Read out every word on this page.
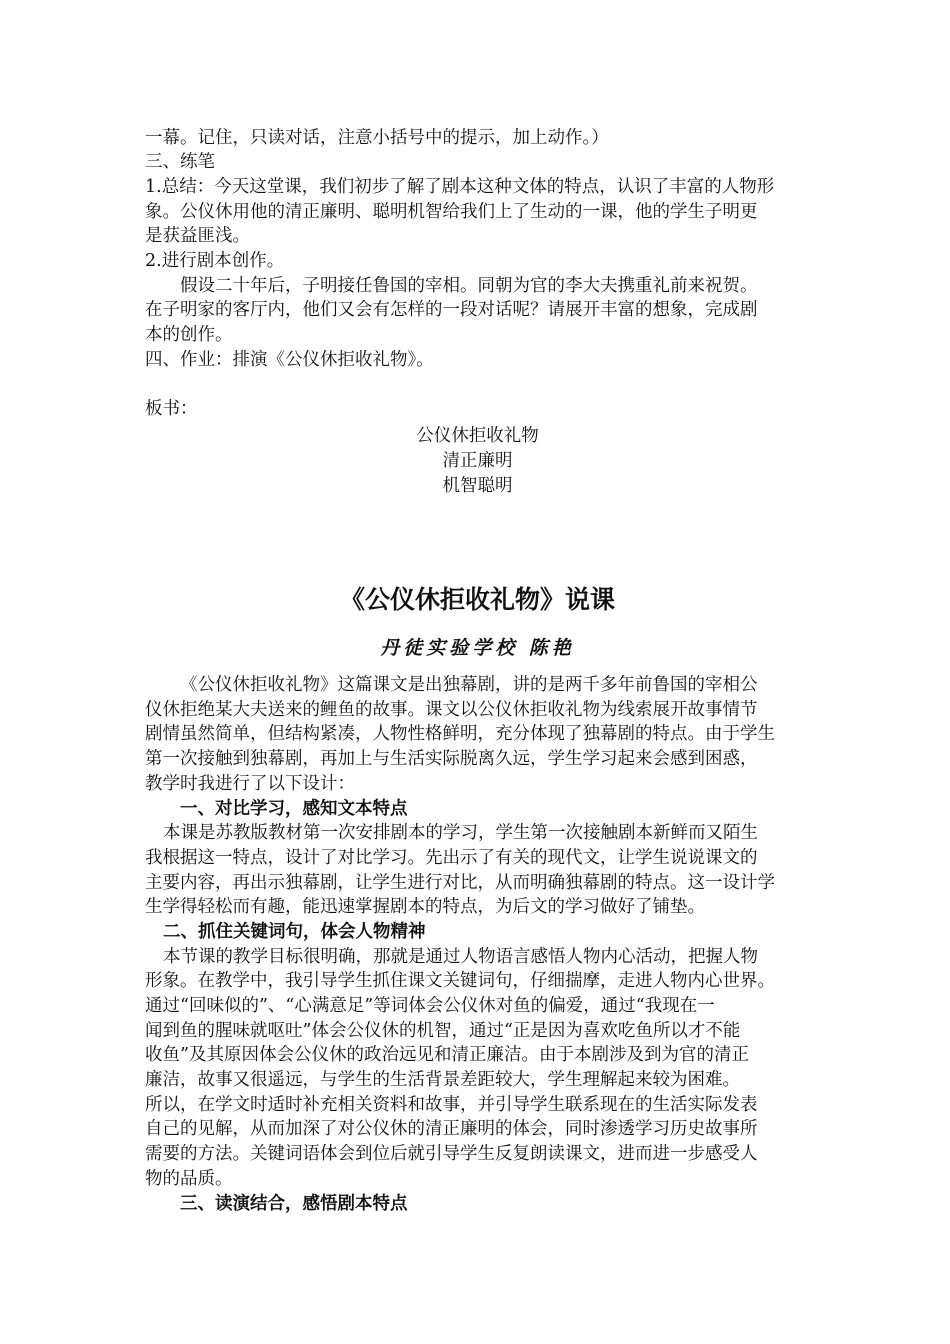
一幕。记住，只读对话，注意小括号中的提示，加上动作。）
三、练笔
1.总结：今天这堂课，我们初步了解了剧本这种文体的特点，认识了丰富的人物形
象。公仪休用他的清正廉明、聪明机智给我们上了生动的一课，他的学生子明更
是获益匪浅。
2.进行剧本创作。
假设二十年后，子明接任鲁国的宰相。同朝为官的李大夫携重礼前来祝贺。
在子明家的客厅内，他们又会有怎样的一段对话呢？请展开丰富的想象，完成剧
本的创作。
四、作业：排演《公仪休拒收礼物》。
板书：
公仪休拒收礼物
清正廉明
机智聪明
《公仪休拒收礼物》说课
丹徒实验学校 陈艳
《公仪休拒收礼物》这篇课文是出独幕剧，讲的是两千多年前鲁国的宰相公
仪休拒绝某大夫送来的鲤鱼的故事。课文以公仪休拒收礼物为线索展开故事情节
剧情虽然简单，但结构紧凑，人物性格鲜明，充分体现了独幕剧的特点。由于学生
第一次接触到独幕剧，再加上与生活实际脱离久远，学生学习起来会感到困惑，
教学时我进行了以下设计：
一、对比学习，感知文本特点
本课是苏教版教材第一次安排剧本的学习，学生第一次接触剧本新鲜而又陌生
我根据这一特点，设计了对比学习。先出示了有关的现代文，让学生说说课文的
主要内容，再出示独幕剧，让学生进行对比，从而明确独幕剧的特点。这一设计学
生学得轻松而有趣，能迅速掌握剧本的特点，为后文的学习做好了铺垫。
二、抓住关键词句，体会人物精神
本节课的教学目标很明确，那就是通过人物语言感悟人物内心活动，把握人物
形象。在教学中，我引导学生抓住课文关键词句，仔细揣摩，走进人物内心世界。
通过“回味似的”、“心满意足”等词体会公仪休对鱼的偏爱，通过“我现在一
闻到鱼的腥味就呕吐”体会公仪休的机智，通过“正是因为喜欢吃鱼所以才不能
收鱼”及其原因体会公仪休的政治远见和清正廉洁。由于本剧涉及到为官的清正
廉洁，故事又很遥远，与学生的生活背景差距较大，学生理解起来较为困难。
所以，在学文时适时补充相关资料和故事，并引导学生联系现在的生活实际发表
自己的见解，从而加深了对公仪休的清正廉明的体会，同时渗透学习历史故事所
需要的方法。关键词语体会到位后就引导学生反复朗读课文，进而进一步感受人
物的品质。
三、读演结合，感悟剧本特点
